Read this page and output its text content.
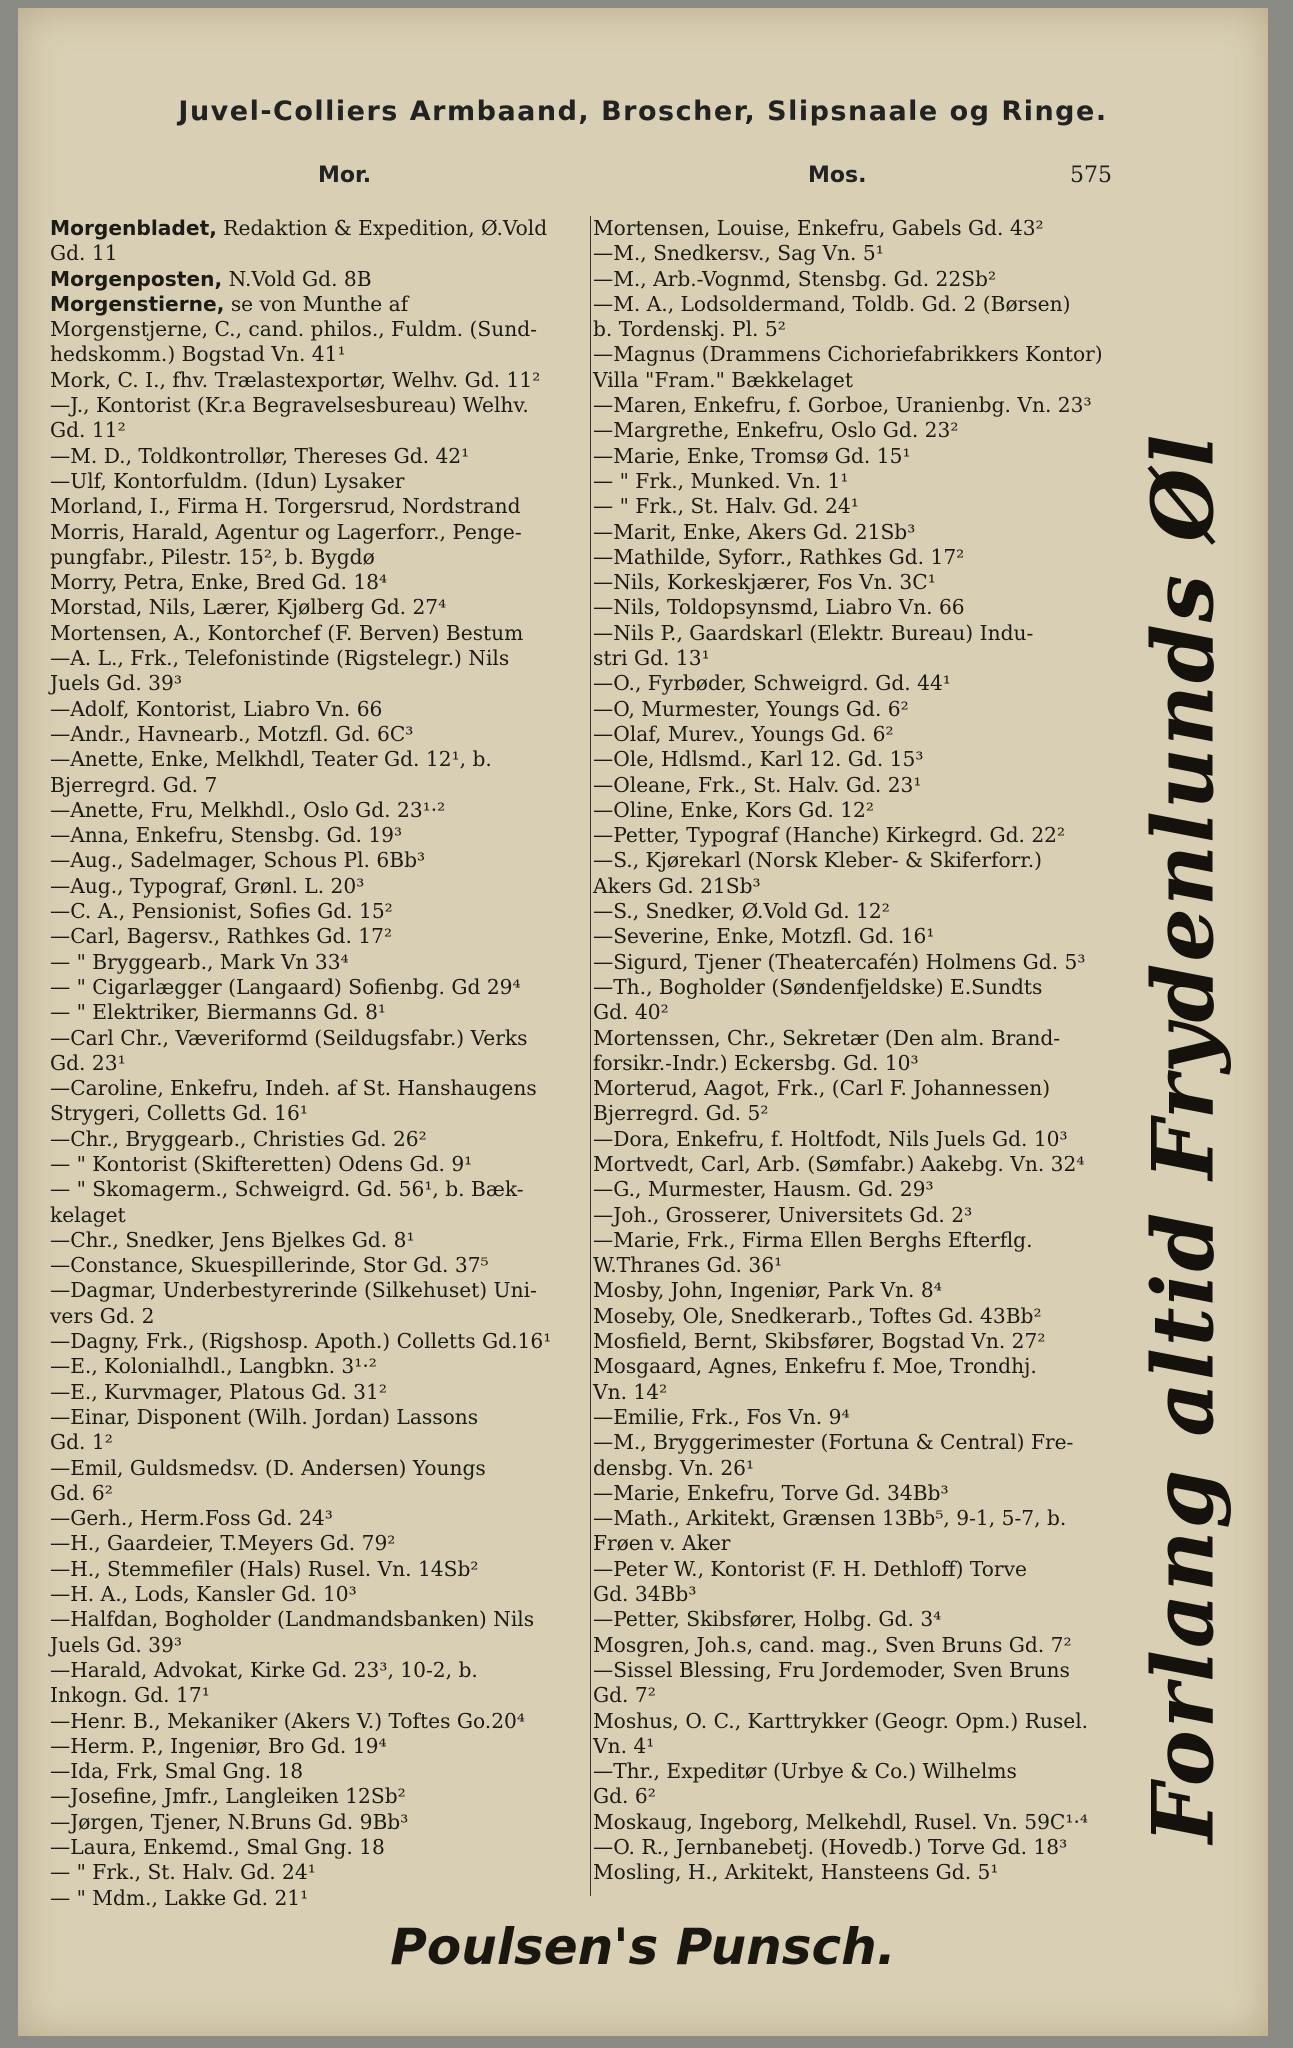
Juvel-Colliers Armbaand, Broscher, Slipsnaale og Ringe.
Mor.	Mos.	575
Morgenbladet, Redaktion & Expedition, Ø.Vold
Gd. 11
Morgenposten, N.Vold Gd. 8B
Morgenstierne, se von Munthe af
Morgenstjerne, C., cand. philos., Fuldm. (Sund-
hedskomm.) Bogstad Vn. 41¹
Mork, C. I., fhv. Trælastexportør, Welhv. Gd. 11²
—J., Kontorist (Kr.a Begravelsesbureau) Welhv.
Gd. 11²
—M. D., Toldkontrollør, Thereses Gd. 42¹
—Ulf, Kontorfuldm. (Idun) Lysaker
Morland, I., Firma H. Torgersrud, Nordstrand
Morris, Harald, Agentur og Lagerforr., Penge-
pungfabr., Pilestr. 15², b. Bygdø
Morry, Petra, Enke, Bred Gd. 18⁴
Morstad, Nils, Lærer, Kjølberg Gd. 27⁴
Mortensen, A., Kontorchef (F. Berven) Bestum
—A. L., Frk., Telefonistinde (Rigstelegr.) Nils
Juels Gd. 39³
—Adolf, Kontorist, Liabro Vn. 66
—Andr., Havnearb., Motzfl. Gd. 6C³
—Anette, Enke, Melkhdl, Teater Gd. 12¹, b.
Bjerregrd. Gd. 7
—Anette, Fru, Melkhdl., Oslo Gd. 23¹·²
—Anna, Enkefru, Stensbg. Gd. 19³
—Aug., Sadelmager, Schous Pl. 6Bb³
—Aug., Typograf, Grønl. L. 20³
—C. A., Pensionist, Sofies Gd. 15²
—Carl, Bagersv., Rathkes Gd. 17²
— " Bryggearb., Mark Vn 33⁴
— " Cigarlægger (Langaard) Sofienbg. Gd 29⁴
— " Elektriker, Biermanns Gd. 8¹
—Carl Chr., Væveriformd (Seildugsfabr.) Verks
Gd. 23¹
—Caroline, Enkefru, Indeh. af St. Hanshaugens
Strygeri, Colletts Gd. 16¹
—Chr., Bryggearb., Christies Gd. 26²
— " Kontorist (Skifteretten) Odens Gd. 9¹
— " Skomagerm., Schweigrd. Gd. 56¹, b. Bæk-
kelaget
—Chr., Snedker, Jens Bjelkes Gd. 8¹
—Constance, Skuespillerinde, Stor Gd. 37⁵
—Dagmar, Underbestyrerinde (Silkehuset) Uni-
vers Gd. 2
—Dagny, Frk., (Rigshosp. Apoth.) Colletts Gd.16¹
—E., Kolonialhdl., Langbkn. 3¹·²
—E., Kurvmager, Platous Gd. 31²
—Einar, Disponent (Wilh. Jordan) Lassons
Gd. 1²
—Emil, Guldsmedsv. (D. Andersen) Youngs
Gd. 6²
—Gerh., Herm.Foss Gd. 24³
—H., Gaardeier, T.Meyers Gd. 79²
—H., Stemmefiler (Hals) Rusel. Vn. 14Sb²
—H. A., Lods, Kansler Gd. 10³
—Halfdan, Bogholder (Landmandsbanken) Nils
Juels Gd. 39³
—Harald, Advokat, Kirke Gd. 23³, 10-2, b.
Inkogn. Gd. 17¹
—Henr. B., Mekaniker (Akers V.) Toftes Go.20⁴
—Herm. P., Ingeniør, Bro Gd. 19⁴
—Ida, Frk, Smal Gng. 18
—Josefine, Jmfr., Langleiken 12Sb²
—Jørgen, Tjener, N.Bruns Gd. 9Bb³
—Laura, Enkemd., Smal Gng. 18
— " Frk., St. Halv. Gd. 24¹
— " Mdm., Lakke Gd. 21¹
Mortensen, Louise, Enkefru, Gabels Gd. 43²
—M., Snedkersv., Sag Vn. 5¹
—M., Arb.-Vognmd, Stensbg. Gd. 22Sb²
—M. A., Lodsoldermand, Toldb. Gd. 2 (Børsen)
b. Tordenskj. Pl. 5²
—Magnus (Drammens Cichoriefabrikkers Kontor)
Villa "Fram." Bækkelaget
—Maren, Enkefru, f. Gorboe, Uranienbg. Vn. 23³
—Margrethe, Enkefru, Oslo Gd. 23²
—Marie, Enke, Tromsø Gd. 15¹
— " Frk., Munked. Vn. 1¹
— " Frk., St. Halv. Gd. 24¹
—Marit, Enke, Akers Gd. 21Sb³
—Mathilde, Syforr., Rathkes Gd. 17²
—Nils, Korkeskjærer, Fos Vn. 3C¹
—Nils, Toldopsynsmd, Liabro Vn. 66
—Nils P., Gaardskarl (Elektr. Bureau) Indu-
stri Gd. 13¹
—O., Fyrbøder, Schweigrd. Gd. 44¹
—O, Murmester, Youngs Gd. 6²
—Olaf, Murev., Youngs Gd. 6²
—Ole, Hdlsmd., Karl 12. Gd. 15³
—Oleane, Frk., St. Halv. Gd. 23¹
—Oline, Enke, Kors Gd. 12²
—Petter, Typograf (Hanche) Kirkegrd. Gd. 22²
—S., Kjørekarl (Norsk Kleber- & Skiferforr.)
Akers Gd. 21Sb³
—S., Snedker, Ø.Vold Gd. 12²
—Severine, Enke, Motzfl. Gd. 16¹
—Sigurd, Tjener (Theatercafén) Holmens Gd. 5³
—Th., Bogholder (Søndenfjeldske) E.Sundts
Gd. 40²
Mortenssen, Chr., Sekretær (Den alm. Brand-
forsikr.-Indr.) Eckersbg. Gd. 10³
Morterud, Aagot, Frk., (Carl F. Johannessen)
Bjerregrd. Gd. 5²
—Dora, Enkefru, f. Holtfodt, Nils Juels Gd. 10³
Mortvedt, Carl, Arb. (Sømfabr.) Aakebg. Vn. 32⁴
—G., Murmester, Hausm. Gd. 29³
—Joh., Grosserer, Universitets Gd. 2³
—Marie, Frk., Firma Ellen Berghs Efterflg.
W.Thranes Gd. 36¹
Mosby, John, Ingeniør, Park Vn. 8⁴
Moseby, Ole, Snedkerarb., Toftes Gd. 43Bb²
Mosfield, Bernt, Skibsfører, Bogstad Vn. 27²
Mosgaard, Agnes, Enkefru f. Moe, Trondhj.
Vn. 14²
—Emilie, Frk., Fos Vn. 9⁴
—M., Bryggerimester (Fortuna & Central) Fre-
densbg. Vn. 26¹
—Marie, Enkefru, Torve Gd. 34Bb³
—Math., Arkitekt, Grænsen 13Bb⁵, 9-1, 5-7, b.
Frøen v. Aker
—Peter W., Kontorist (F. H. Dethloff) Torve
Gd. 34Bb³
—Petter, Skibsfører, Holbg. Gd. 3⁴
Mosgren, Joh.s, cand. mag., Sven Bruns Gd. 7²
—Sissel Blessing, Fru Jordemoder, Sven Bruns
Gd. 7²
Moshus, O. C., Karttrykker (Geogr. Opm.) Rusel.
Vn. 4¹
—Thr., Expeditør (Urbye & Co.) Wilhelms
Gd. 6²
Moskaug, Ingeborg, Melkehdl, Rusel. Vn. 59C¹·⁴
—O. R., Jernbanebetj. (Hovedb.) Torve Gd. 18³
Mosling, H., Arkitekt, Hansteens Gd. 5¹
Forlang altid Frydenlunds Øl
Poulsen's Punsch.
